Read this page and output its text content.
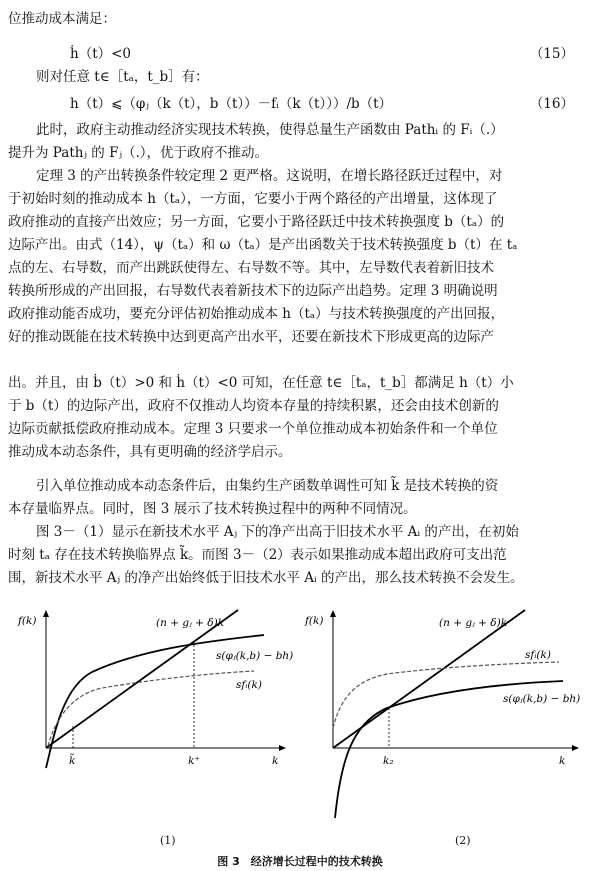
位推动成本满足：
此时，政府主动推动经济实现技术转换，使得总量生产函数由 Pathᵢ 的 Fᵢ（.）
提升为 Pathⱼ 的 Fⱼ（.），优于政府不推动。
定理 3 的产出转换条件较定理 2 更严格。这说明，在增长路径跃迁过程中，对
于初始时刻的推动成本 h（tₐ），一方面，它要小于两个路径的产出增量，这体现了
政府推动的直接产出效应；另一方面，它要小于路径跃迁中技术转换强度 b（tₐ）的
边际产出。由式（14），ψ（tₐ）和 ω（tₐ）是产出函数关于技术转换强度 b（t）在 tₐ
点的左、右导数，而产出跳跃使得左、右导数不等。其中，左导数代表着新旧技术
转换所形成的产出回报，右导数代表着新技术下的边际产出趋势。定理 3 明确说明
政府推动能否成功，要充分评估初始推动成本 h（tₐ）与技术转换强度的产出回报，
好的推动既能在技术转换中达到更高产出水平，还要在新技术下形成更高的边际产
出。并且，由 ḃ（t）>0 和 ḣ（t）<0 可知，在任意 t∈［tₐ，t_b］都满足 h（t）小
于 b（t）的边际产出，政府不仅推动人均资本存量的持续积累，还会由技术创新的
边际贡献抵偿政府推动成本。定理 3 只要求一个单位推动成本初始条件和一个单位
推动成本动态条件，具有更明确的经济学启示。
引入单位推动成本动态条件后，由集约生产函数单调性可知 k̃ 是技术转换的资
本存量临界点。同时，图 3 展示了技术转换过程中的两种不同情况。
图 3－（1）显示在新技术水平 Aⱼ 下的净产出高于旧技术水平 Aᵢ 的产出，在初始
时刻 tₐ 存在技术转换临界点 k̃。而图 3－（2）表示如果推动成本超出政府可支出范
围，新技术水平 Aⱼ 的净产出始终低于旧技术水平 Aᵢ 的产出，那么技术转换不会发生。
ḣ（t）<0	（15）
则对任意 t∈［tₐ，t_b］有：
h（t）⩽（φⱼ（k（t），b（t））－fᵢ（k（t）））/b（t）	（16）
f(k)
k
(n + gⱼ + δ)k
s(φⱼ(k,b) − bh)
sfᵢ(k)
k̃	k⁺
(1)
f(k)
k
(n + gⱼ + δ)k
sfᵢ(k)
s(φⱼ(k,b) − bh)
k₂
(2)
图 3　经济增长过程中的技术转换
